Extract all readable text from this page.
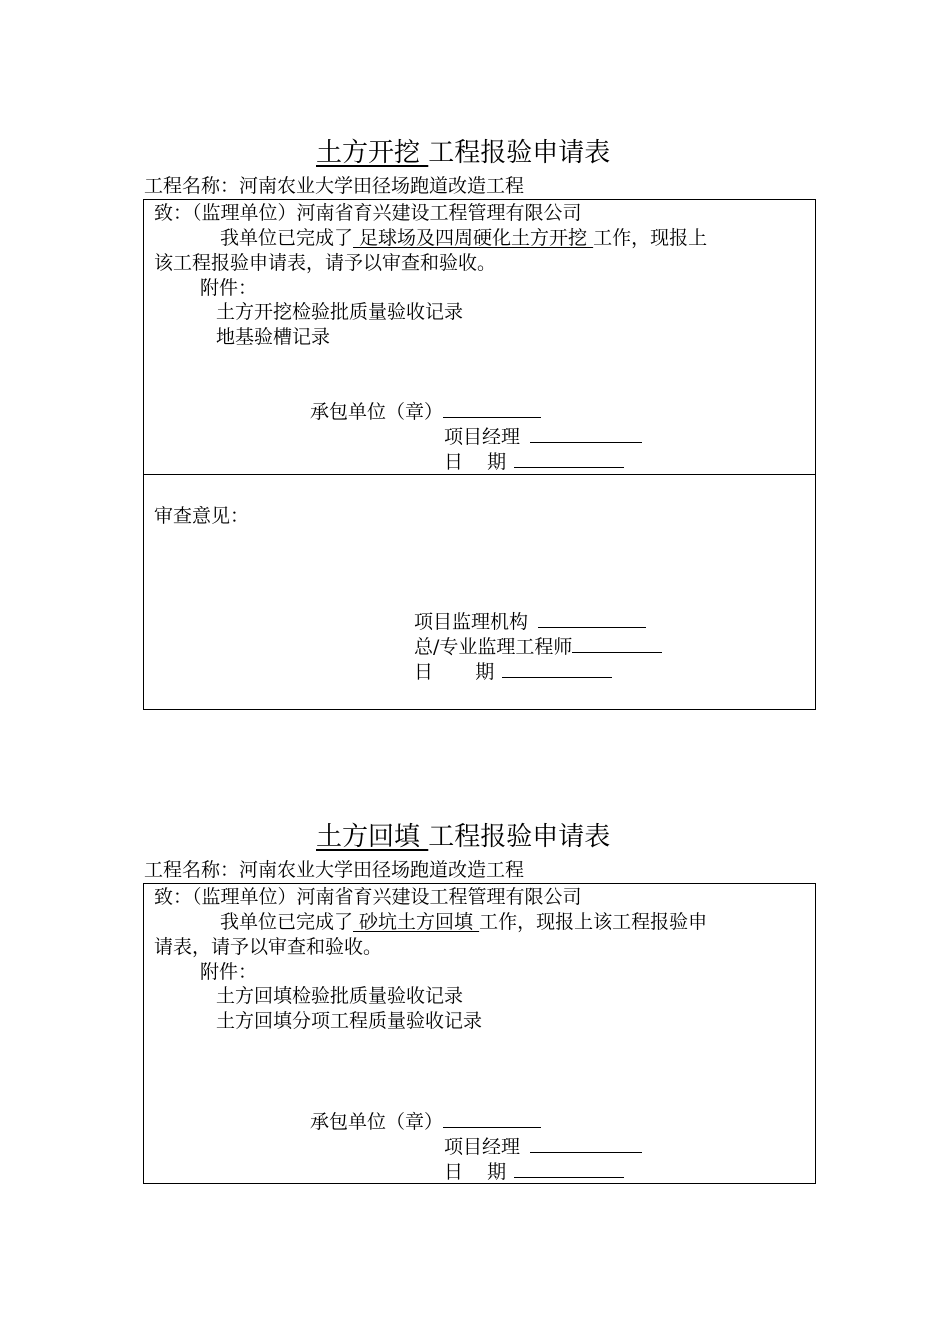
土方开挖 工程报验申请表
工程名称：河南农业大学田径场跑道改造工程
致：（监理单位）河南省育兴建设工程管理有限公司
我单位已完成了 足球场及四周硬化土方开挖 工作，现报上
该工程报验申请表，请予以审查和验收。
附件：
土方开挖检验批质量验收记录
地基验槽记录
承包单位（章）
项目经理
日    期
审查意见：
项目监理机构
总/专业监理工程师
日       期
土方回填 工程报验申请表
工程名称：河南农业大学田径场跑道改造工程
致：（监理单位）河南省育兴建设工程管理有限公司
我单位已完成了 砂坑土方回填 工作，现报上该工程报验申
请表，请予以审查和验收。
附件：
土方回填检验批质量验收记录
土方回填分项工程质量验收记录
承包单位（章）
项目经理
日    期
